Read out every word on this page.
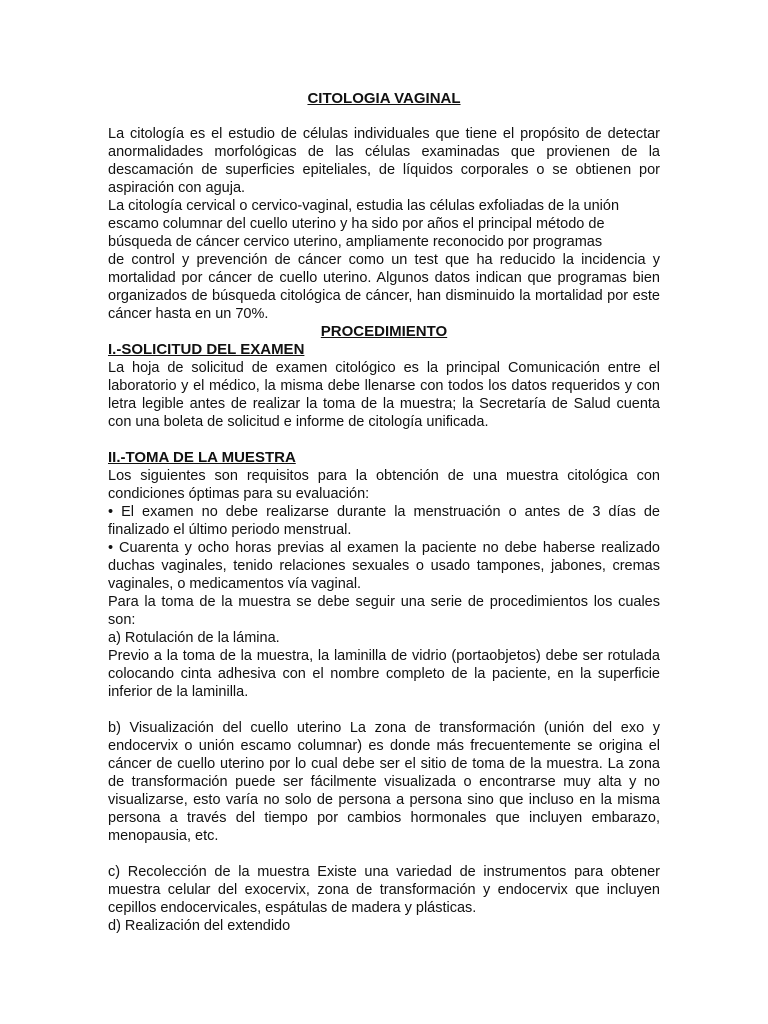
CITOLOGIA VAGINAL

La citología es el estudio de células individuales que tiene el propósito de detectar anormalidades morfológicas de las células examinadas que provienen de la descamación de superficies epiteliales, de líquidos corporales o se obtienen por aspiración con aguja.

La citología cervical o cervico-vaginal, estudia las células exfoliadas de la unión escamo columnar del cuello uterino y ha sido por años el principal método de búsqueda de cáncer cervico uterino, ampliamente reconocido por programas

de control y prevención de cáncer como un test que ha reducido la incidencia y mortalidad por cáncer de cuello uterino. Algunos datos indican que programas bien organizados de búsqueda citológica de cáncer, han disminuido la mortalidad por este cáncer hasta en un 70%.

PROCEDIMIENTO
I.-SOLICITUD DEL EXAMEN

La hoja de solicitud de examen citológico es la principal Comunicación entre el laboratorio y el médico, la misma debe llenarse con todos los datos requeridos y con letra legible antes de realizar la toma de la muestra; la Secretaría de Salud cuenta con una boleta de solicitud e informe de citología unificada.

II.-TOMA DE LA MUESTRA

Los siguientes son requisitos para la obtención de una muestra citológica con condiciones óptimas para su evaluación:

• El examen no debe realizarse durante la menstruación o antes de 3 días de finalizado el último periodo menstrual.

• Cuarenta y ocho horas previas al examen la paciente no debe haberse realizado duchas vaginales, tenido relaciones sexuales o usado tampones, jabones, cremas vaginales, o medicamentos vía vaginal.

Para la toma de la muestra se debe seguir una serie de procedimientos los cuales son:

a) Rotulación de la lámina.

Previo a la toma de la muestra, la laminilla de vidrio (portaobjetos) debe ser rotulada colocando cinta adhesiva con el nombre completo de la paciente, en la superficie inferior de la laminilla.

b) Visualización del cuello uterino La zona de transformación (unión del exo y endocervix o unión escamo columnar) es donde más frecuentemente se origina el cáncer de cuello uterino por lo cual debe ser el sitio de toma de la muestra. La zona de transformación puede ser fácilmente visualizada o encontrarse muy alta y no visualizarse, esto varía no solo de persona a persona sino que incluso en la misma persona a través del tiempo por cambios hormonales que incluyen embarazo, menopausia, etc.

c) Recolección de la muestra Existe una variedad de instrumentos para obtener muestra celular del exocervix, zona de transformación y endocervix que incluyen cepillos endocervicales, espátulas de madera y plásticas.

d) Realización del extendido
